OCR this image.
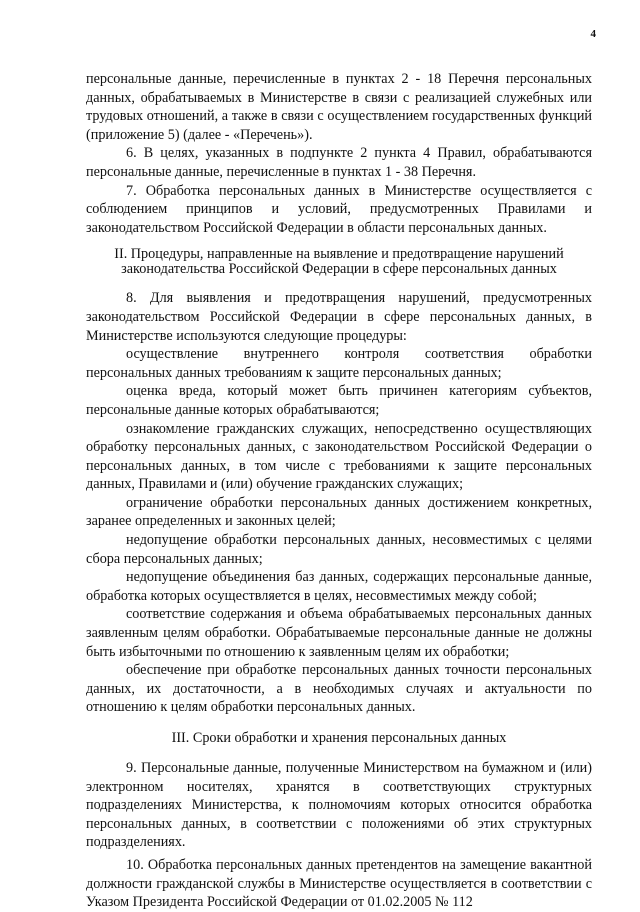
4

персональные данные, перечисленные в пунктах 2 - 18 Перечня персональных данных, обрабатываемых в Министерстве в связи с реализацией служебных или трудовых отношений, а также в связи с осуществлением государственных функций (приложение 5) (далее - «Перечень»).

6. В целях, указанных в подпункте 2 пункта 4 Правил, обрабатываются персональные данные, перечисленные в пунктах 1 - 38 Перечня.

7. Обработка персональных данных в Министерстве осуществляется с соблюдением принципов и условий, предусмотренных Правилами и законодательством Российской Федерации в области персональных данных.

II. Процедуры, направленные на выявление и предотвращение нарушений законодательства Российской Федерации в сфере персональных данных

8. Для выявления и предотвращения нарушений, предусмотренных законодательством Российской Федерации в сфере персональных данных, в Министерстве используются следующие процедуры:

осуществление внутреннего контроля соответствия обработки персональных данных требованиям к защите персональных данных;

оценка вреда, который может быть причинен категориям субъектов, персональные данные которых обрабатываются;

ознакомление гражданских служащих, непосредственно осуществляющих обработку персональных данных, с законодательством Российской Федерации о персональных данных, в том числе с требованиями к защите персональных данных, Правилами и (или) обучение гражданских служащих;

ограничение обработки персональных данных достижением конкретных, заранее определенных и законных целей;

недопущение обработки персональных данных, несовместимых с целями сбора персональных данных;

недопущение объединения баз данных, содержащих персональные данные, обработка которых осуществляется в целях, несовместимых между собой;

соответствие содержания и объема обрабатываемых персональных данных заявленным целям обработки. Обрабатываемые персональные данные не должны быть избыточными по отношению к заявленным целям их обработки;

обеспечение при обработке персональных данных точности персональных данных, их достаточности, а в необходимых случаях и актуальности по отношению к целям обработки персональных данных.

III. Сроки обработки и хранения персональных данных

9. Персональные данные, полученные Министерством на бумажном и (или) электронном носителях, хранятся в соответствующих структурных подразделениях Министерства, к полномочиям которых относится обработка персональных данных, в соответствии с положениями об этих структурных подразделениях.

10. Обработка персональных данных претендентов на замещение вакантной должности гражданской службы в Министерстве осуществляется в соответствии с Указом Президента Российской Федерации от 01.02.2005 № 112
